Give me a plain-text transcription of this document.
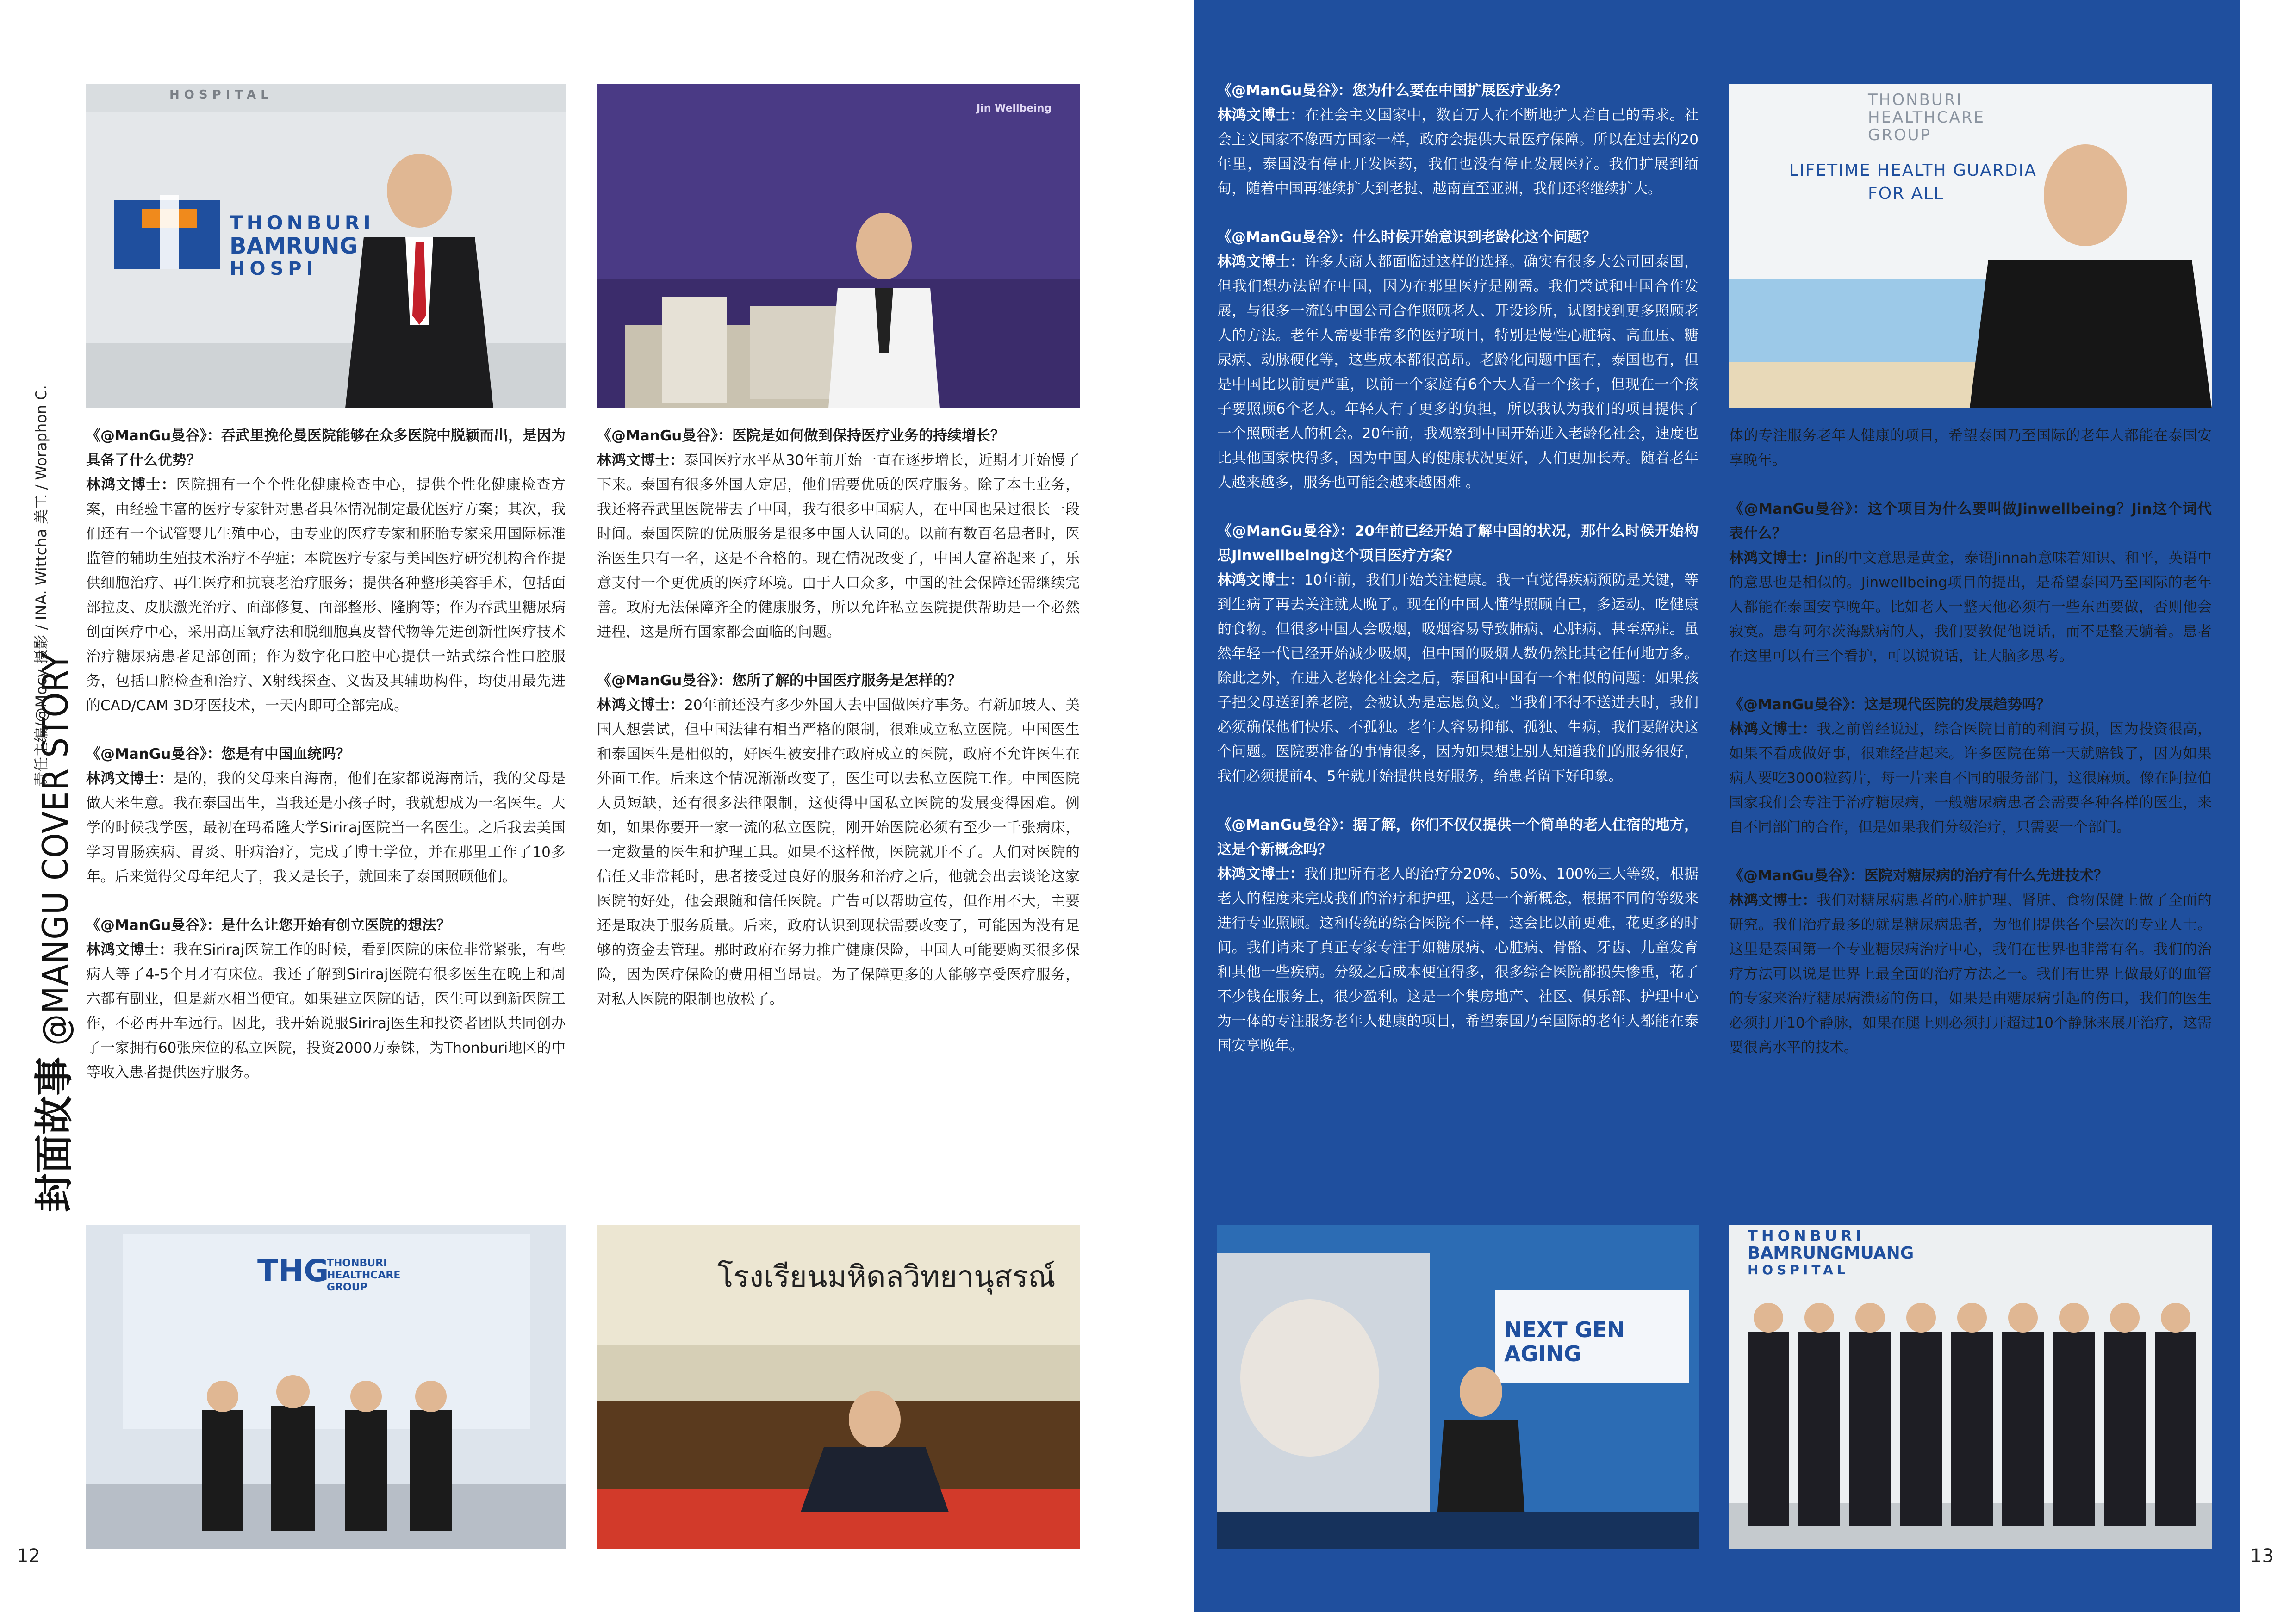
封面故事@MANGU COVER STORY
责任主编/@Mocy 摄影 / INA. Wittcha 美工 / Woraphon C.
HOSPITAL
THONBURI
BAMRUNG
HOSPI
Jin Wellbeing
《@ManGu曼谷》：吞武里挽伦曼医院能够在众多医院中脱颖而出，是因为具备了什么优势？
林鸿文博士：医院拥有一个个性化健康检查中心，提供个性化健康检查方案，由经验丰富的医疗专家针对患者具体情况制定最优医疗方案；其次，我们还有一个试管婴儿生殖中心，由专业的医疗专家和胚胎专家采用国际标准监管的辅助生殖技术治疗不孕症；本院医疗专家与美国医疗研究机构合作提供细胞治疗、再生医疗和抗衰老治疗服务；提供各种整形美容手术，包括面部拉皮、皮肤激光治疗、面部修复、面部整形、隆胸等；作为吞武里糖尿病创面医疗中心，采用高压氧疗法和脱细胞真皮替代物等先进创新性医疗技术治疗糖尿病患者足部创面；作为数字化口腔中心提供一站式综合性口腔服务，包括口腔检查和治疗、X射线探查、义齿及其辅助构件，均使用最先进的CAD/CAM 3D牙医技术，一天内即可全部完成。
《@ManGu曼谷》：您是有中国血统吗？
林鸿文博士：是的，我的父母来自海南，他们在家都说海南话，我的父母是做大米生意。我在泰国出生，当我还是小孩子时，我就想成为一名医生。大学的时候我学医，最初在玛希隆大学Siriraj医院当一名医生。之后我去美国学习胃肠疾病、胃炎、肝病治疗，完成了博士学位，并在那里工作了10多年。后来觉得父母年纪大了，我又是长子，就回来了泰国照顾他们。
《@ManGu曼谷》：是什么让您开始有创立医院的想法？
林鸿文博士：我在Siriraj医院工作的时候，看到医院的床位非常紧张，有些病人等了4-5个月才有床位。我还了解到Siriraj医院有很多医生在晚上和周六都有副业，但是薪水相当便宜。如果建立医院的话，医生可以到新医院工作，不必再开车远行。因此，我开始说服Siriraj医生和投资者团队共同创办了一家拥有60张床位的私立医院，投资2000万泰铢，为Thonburi地区的中等收入患者提供医疗服务。
《@ManGu曼谷》：医院是如何做到保持医疗业务的持续增长？
林鸿文博士：泰国医疗水平从30年前开始一直在逐步增长，近期才开始慢了下来。泰国有很多外国人定居，他们需要优质的医疗服务。除了本土业务，我还将吞武里医院带去了中国，我有很多中国病人，在中国也呆过很长一段时间。泰国医院的优质服务是很多中国人认同的。以前有数百名患者时，医治医生只有一名，这是不合格的。现在情况改变了，中国人富裕起来了，乐意支付一个更优质的医疗环境。由于人口众多，中国的社会保障还需继续完善。政府无法保障齐全的健康服务，所以允许私立医院提供帮助是一个必然进程，这是所有国家都会面临的问题。
《@ManGu曼谷》：您所了解的中国医疗服务是怎样的？
林鸿文博士：20年前还没有多少外国人去中国做医疗事务。有新加坡人、美国人想尝试，但中国法律有相当严格的限制，很难成立私立医院。中国医生和泰国医生是相似的，好医生被安排在政府成立的医院，政府不允许医生在外面工作。后来这个情况渐渐改变了，医生可以去私立医院工作。中国医院人员短缺，还有很多法律限制，这使得中国私立医院的发展变得困难。例如，如果你要开一家一流的私立医院，刚开始医院必须有至少一千张病床，一定数量的医生和护理工具。如果不这样做，医院就开不了。人们对医院的信任又非常耗时，患者接受过良好的服务和治疗之后，他就会出去谈论这家医院的好处，他会跟随和信任医院。广告可以帮助宣传，但作用不大，主要还是取决于服务质量。后来，政府认识到现状需要改变了，可能因为没有足够的资金去管理。那时政府在努力推广健康保险，中国人可能要购买很多保险，因为医疗保险的费用相当昂贵。为了保障更多的人能够享受医疗服务，对私人医院的限制也放松了。
THG
THONBURI HEALTHCARE GROUP	โรงเรียนมหิดลวิทยานุสรณ์
12
《@ManGu曼谷》：您为什么要在中国扩展医疗业务？
林鸿文博士：在社会主义国家中，数百万人在不断地扩大着自己的需求。社会主义国家不像西方国家一样，政府会提供大量医疗保障。所以在过去的20年里，泰国没有停止开发医药，我们也没有停止发展医疗。我们扩展到缅甸，随着中国再继续扩大到老挝、越南直至亚洲，我们还将继续扩大。
《@ManGu曼谷》：什么时候开始意识到老龄化这个问题？
林鸿文博士：许多大商人都面临过这样的选择。确实有很多大公司回泰国，但我们想办法留在中国，因为在那里医疗是刚需。我们尝试和中国合作发展，与很多一流的中国公司合作照顾老人、开设诊所，试图找到更多照顾老人的方法。老年人需要非常多的医疗项目，特别是慢性心脏病、高血压、糖尿病、动脉硬化等，这些成本都很高昂。老龄化问题中国有，泰国也有，但是中国比以前更严重，以前一个家庭有6个大人看一个孩子，但现在一个孩子要照顾6个老人。年轻人有了更多的负担，所以我认为我们的项目提供了一个照顾老人的机会。20年前，我观察到中国开始进入老龄化社会，速度也比其他国家快得多，因为中国人的健康状况更好，人们更加长寿。随着老年人越来越多，服务也可能会越来越困难 。
《@ManGu曼谷》：20年前已经开始了解中国的状况，那什么时候开始构思Jinwellbeing这个项目医疗方案？
林鸿文博士：10年前，我们开始关注健康。我一直觉得疾病预防是关键，等到生病了再去关注就太晚了。现在的中国人懂得照顾自己，多运动、吃健康的食物。但很多中国人会吸烟，吸烟容易导致肺病、心脏病、甚至癌症。虽然年轻一代已经开始减少吸烟，但中国的吸烟人数仍然比其它任何地方多。除此之外，在进入老龄化社会之后，泰国和中国有一个相似的问题：如果孩子把父母送到养老院，会被认为是忘恩负义。当我们不得不送进去时，我们必须确保他们快乐、不孤独。老年人容易抑郁、孤独、生病，我们要解决这个问题。医院要准备的事情很多，因为如果想让别人知道我们的服务很好，我们必须提前4、5年就开始提供良好服务，给患者留下好印象。
《@ManGu曼谷》：据了解，你们不仅仅提供一个简单的老人住宿的地方，这是个新概念吗？
林鸿文博士：我们把所有老人的治疗分20%、50%、100%三大等级，根据老人的程度来完成我们的治疗和护理，这是一个新概念，根据不同的等级来进行专业照顾。这和传统的综合医院不一样，这会比以前更难，花更多的时间。我们请来了真正专家专注于如糖尿病、心脏病、骨骼、牙齿、儿童发育和其他一些疾病。分级之后成本便宜得多，很多综合医院都损失惨重，花了不少钱在服务上，很少盈利。这是一个集房地产、社区、俱乐部、护理中心为一体的专注服务老年人健康的项目，希望泰国乃至国际的老年人都能在泰国安享晚年。
THONBURI
HEALTHCARE
GROUP
LIFETIME HEALTH GUARDIA
FOR ALL
体的专注服务老年人健康的项目，希望泰国乃至国际的老年人都能在泰国安享晚年。
《@ManGu曼谷》：这个项目为什么要叫做Jinwellbeing？Jin这个词代表什么？
林鸿文博士：Jin的中文意思是黄金，泰语Jinnah意味着知识、和平，英语中的意思也是相似的。Jinwellbeing项目的提出，是希望泰国乃至国际的老年人都能在泰国安享晚年。比如老人一整天他必须有一些东西要做，否则他会寂寞。患有阿尔茨海默病的人，我们要教促他说话，而不是整天躺着。患者在这里可以有三个看护，可以说说话，让大脑多思考。
《@ManGu曼谷》：这是现代医院的发展趋势吗？
林鸿文博士：我之前曾经说过，综合医院目前的利润亏损，因为投资很高，如果不看成做好事，很难经营起来。许多医院在第一天就赔钱了，因为如果病人要吃3000粒药片，每一片来自不同的服务部门，这很麻烦。像在阿拉伯国家我们会专注于治疗糖尿病，一般糖尿病患者会需要各种各样的医生，来自不同部门的合作，但是如果我们分级治疗，只需要一个部门。
《@ManGu曼谷》：医院对糖尿病的治疗有什么先进技术？
林鸿文博士：我们对糖尿病患者的心脏护理、肾脏、食物保健上做了全面的研究。我们治疗最多的就是糖尿病患者，为他们提供各个层次的专业人士。这里是泰国第一个专业糖尿病治疗中心，我们在世界也非常有名。我们的治疗方法可以说是世界上最全面的治疗方法之一。我们有世界上做最好的血管的专家来治疗糖尿病溃疡的伤口，如果是由糖尿病引起的伤口，我们的医生必须打开10个静脉，如果在腿上则必须打开超过10个静脉来展开治疗，这需要很高水平的技术。
NEXT GEN AGING
THONBURI
BAMRUNGMUANG
HOSPITAL
13
